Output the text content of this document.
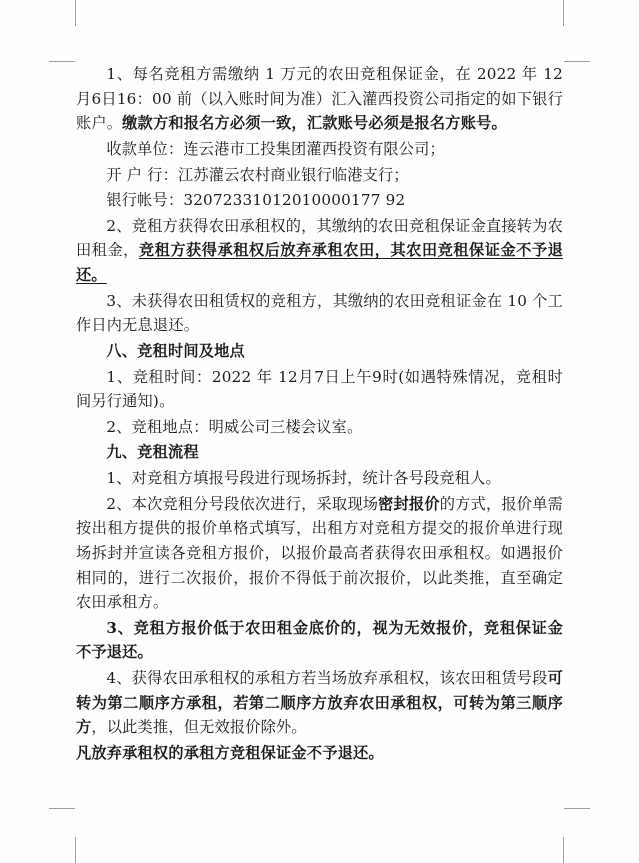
1、每名竞租方需缴纳 1 万元的农田竞租保证金，在 2022 年 12月6日16：00 前（以入账时间为准）汇入灌西投资公司指定的如下银行账户。缴款方和报名方必须一致，汇款账号必须是报名方账号。

收款单位：连云港市工投集团灌西投资有限公司；

开 户 行：江苏灌云农村商业银行临港支行；

银行帐号：32072331012010000177 92

2、竞租方获得农田承租权的，其缴纳的农田竞租保证金直接转为农田租金，竞租方获得承租权后放弃承租农田，其农田竞租保证金不予退还。

3、未获得农田租赁权的竞租方，其缴纳的农田竞租证金在 10 个工作日内无息退还。

八、竞租时间及地点

1、竞租时间：2022 年 12月7日上午9时(如遇特殊情况，竞租时间另行通知)。

2、竞租地点：明威公司三楼会议室。

九、竞租流程

1、对竞租方填报号段进行现场拆封，统计各号段竞租人。

2、本次竞租分号段依次进行，采取现场密封报价的方式，报价单需按出租方提供的报价单格式填写，出租方对竞租方提交的报价单进行现场拆封并宣读各竞租方报价，以报价最高者获得农田承租权。如遇报价相同的，进行二次报价，报价不得低于前次报价，以此类推，直至确定农田承租方。

3、竞租方报价低于农田租金底价的，视为无效报价，竞租保证金不予退还。

4、获得农田承租权的承租方若当场放弃承租权，该农田租赁号段可转为第二顺序方承租，若第二顺序方放弃农田承租权，可转为第三顺序方，以此类推，但无效报价除外。

凡放弃承租权的承租方竞租保证金不予退还。
